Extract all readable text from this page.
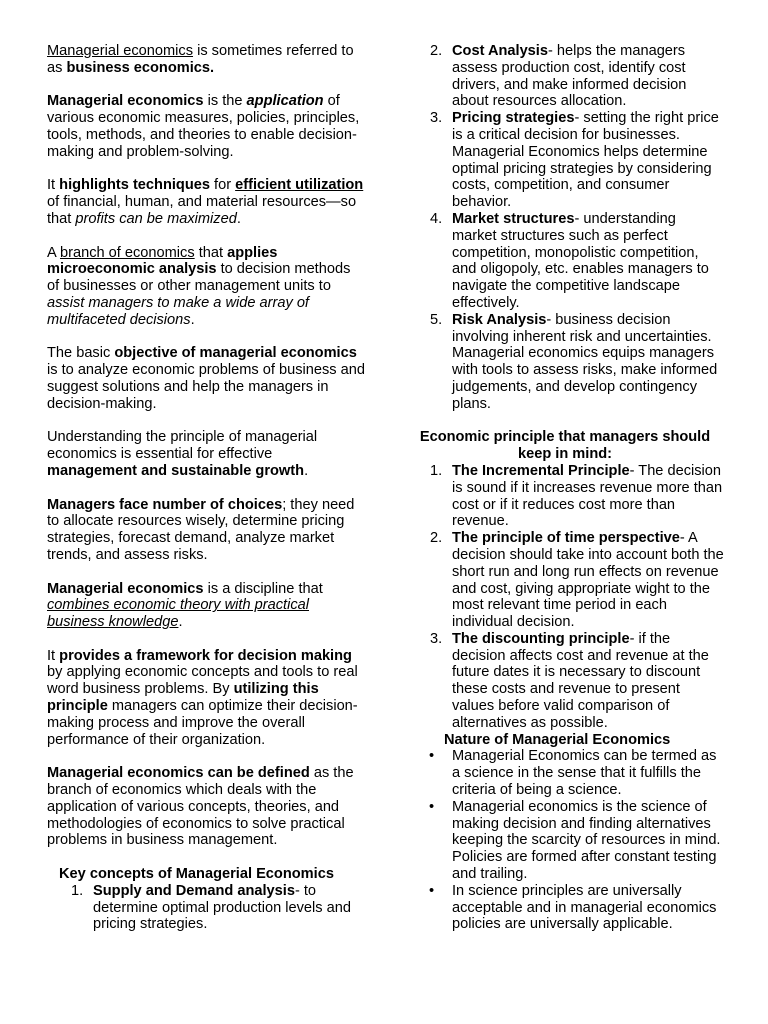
Managerial economics is sometimes referred to as business economics.

Managerial economics is the application of various economic measures, policies, principles, tools, methods, and theories to enable decision-making and problem-solving.

It highlights techniques for efficient utilization of financial, human, and material resources—so that profits can be maximized.

A branch of economics that applies microeconomic analysis to decision methods of businesses or other management units to assist managers to make a wide array of multifaceted decisions.

The basic objective of managerial economics is to analyze economic problems of business and suggest solutions and help the managers in decision-making.

Understanding the principle of managerial economics is essential for effective management and sustainable growth.

Managers face number of choices; they need to allocate resources wisely, determine pricing strategies, forecast demand, analyze market trends, and assess risks.

Managerial economics is a discipline that combines economic theory with practical business knowledge.

It provides a framework for decision making by applying economic concepts and tools to real word business problems. By utilizing this principle managers can optimize their decision-making process and improve the overall performance of their organization.

Managerial economics can be defined as the branch of economics which deals with the application of various concepts, theories, and methodologies of economics to solve practical problems in business management.

Key concepts of Managerial Economics
1. Supply and Demand analysis- to determine optimal production levels and pricing strategies.
2. Cost Analysis- helps the managers assess production cost, identify cost drivers, and make informed decision about resources allocation.
3. Pricing strategies- setting the right price is a critical decision for businesses. Managerial Economics helps determine optimal pricing strategies by considering costs, competition, and consumer behavior.
4. Market structures- understanding market structures such as perfect competition, monopolistic competition, and oligopoly, etc. enables managers to navigate the competitive landscape effectively.
5. Risk Analysis- business decision involving inherent risk and uncertainties. Managerial economics equips managers with tools to assess risks, make informed judgements, and develop contingency plans.
Economic principle that managers should keep in mind:
1. The Incremental Principle- The decision is sound if it increases revenue more than cost or if it reduces cost more than revenue.
2. The principle of time perspective- A decision should take into account both the short run and long run effects on revenue and cost, giving appropriate wight to the most relevant time period in each individual decision.
3. The discounting principle- if the decision affects cost and revenue at the future dates it is necessary to discount these costs and revenue to present values before valid comparison of alternatives as possible.
Nature of Managerial Economics
• Managerial Economics can be termed as a science in the sense that it fulfills the criteria of being a science.
• Managerial economics is the science of making decision and finding alternatives keeping the scarcity of resources in mind. Policies are formed after constant testing and trailing.
• In science principles are universally acceptable and in managerial economics policies are universally applicable.
